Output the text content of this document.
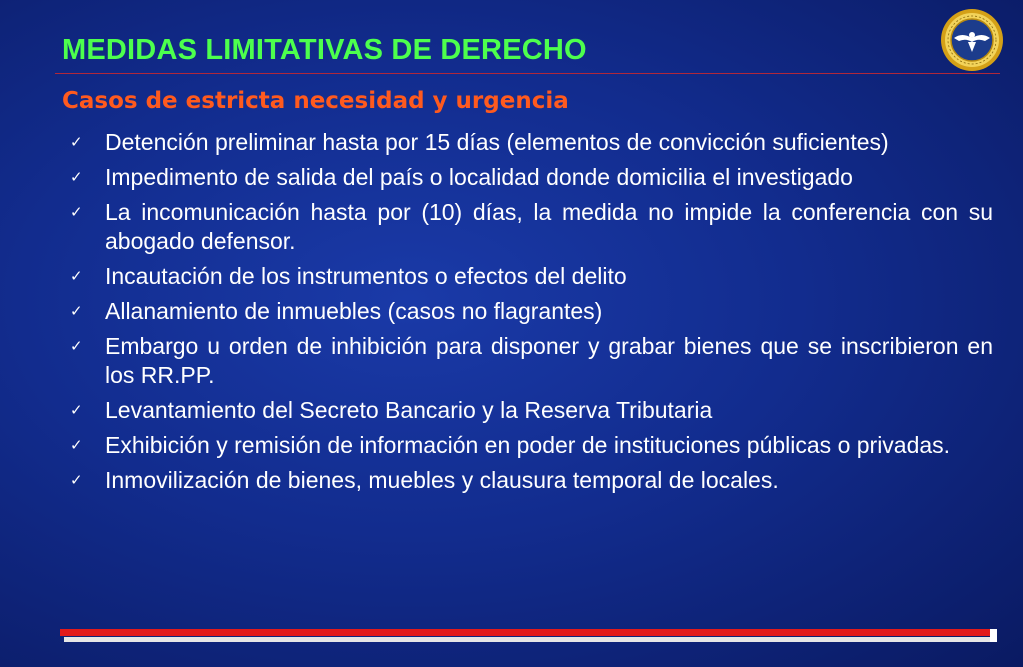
MEDIDAS LIMITATIVAS DE DERECHO
Casos de estricta necesidad y urgencia
✓ Detención preliminar hasta por 15 días (elementos de convicción suficientes)
✓ Impedimento de salida del país o localidad donde domicilia el investigado
✓ La incomunicación hasta por (10) días, la medida no impide la conferencia con su abogado defensor.
✓ Incautación de los instrumentos o efectos del delito
✓ Allanamiento de inmuebles (casos no flagrantes)
✓ Embargo u orden de inhibición para disponer y grabar bienes que se inscribieron en los RR.PP.
✓ Levantamiento del Secreto Bancario y la Reserva Tributaria
✓ Exhibición y remisión de información en poder de instituciones públicas o privadas.
✓ Inmovilización de bienes, muebles y clausura temporal de locales.
